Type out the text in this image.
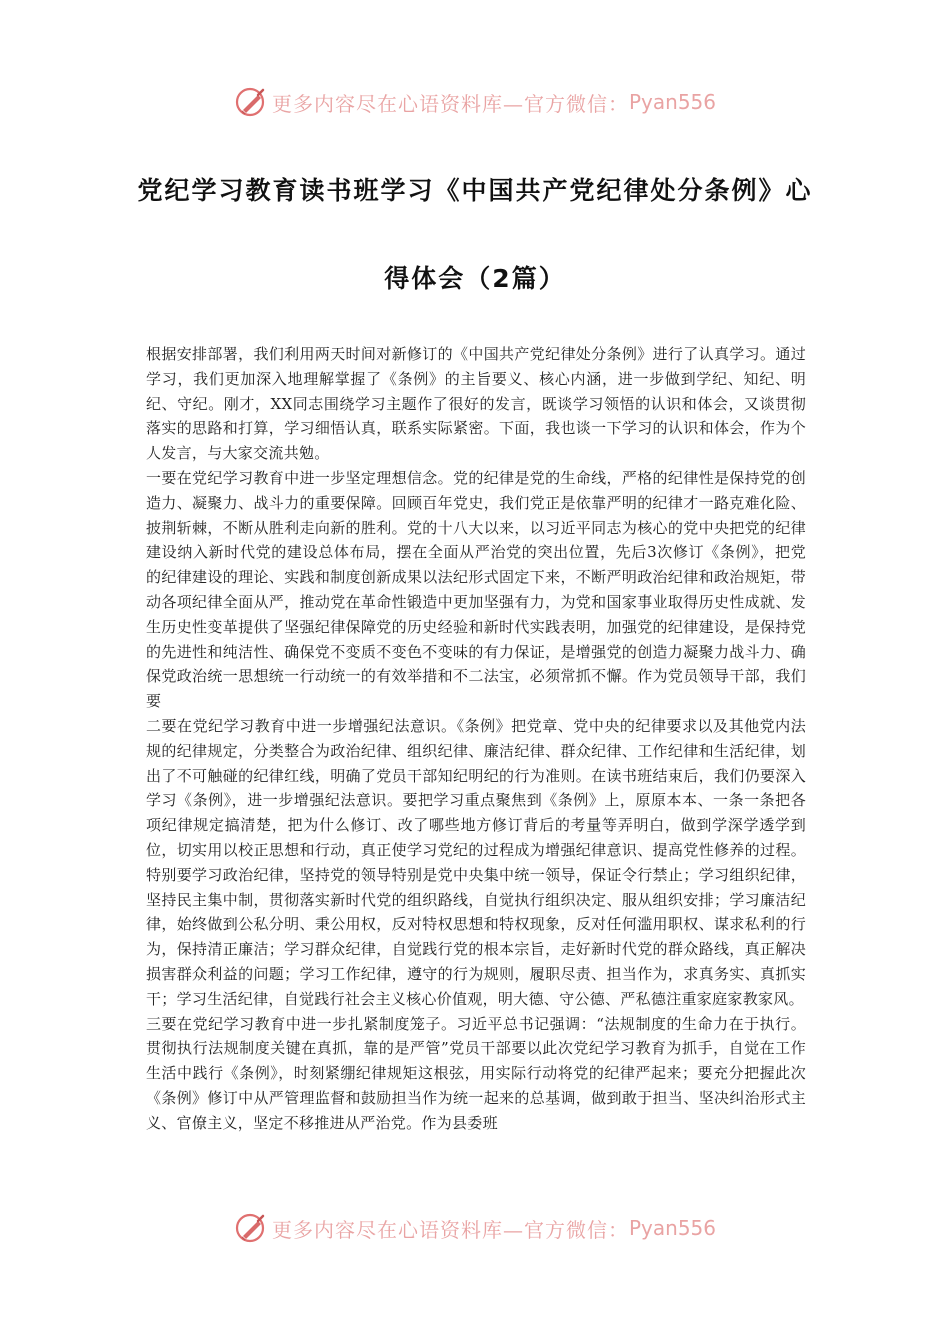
更多内容尽在心语资料库—官方微信： Pyan556
党纪学习教育读书班学习《中国共产党纪律处分条例》心
得体会（2篇）

根据安排部署，我们利用两天时间对新修订的《中国共产党纪律处分条例》进行了认真学习。通过学习，我们更加深入地理解掌握了《条例》的主旨要义、核心内涵，进一步做到学纪、知纪、明纪、守纪。刚才，XX同志围绕学习主题作了很好的发言，既谈学习领悟的认识和体会，又谈贯彻落实的思路和打算，学习细悟认真，联系实际紧密。下面，我也谈一下学习的认识和体会，作为个人发言，与大家交流共勉。

一要在党纪学习教育中进一步坚定理想信念。党的纪律是党的生命线，严格的纪律性是保持党的创造力、凝聚力、战斗力的重要保障。回顾百年党史，我们党正是依靠严明的纪律才一路克难化险、披荆斩棘，不断从胜利走向新的胜利。党的十八大以来，以习近平同志为核心的党中央把党的纪律建设纳入新时代党的建设总体布局，摆在全面从严治党的突出位置，先后3次修订《条例》，把党的纪律建设的理论、实践和制度创新成果以法纪形式固定下来，不断严明政治纪律和政治规矩，带动各项纪律全面从严，推动党在革命性锻造中更加坚强有力，为党和国家事业取得历史性成就、发生历史性变革提供了坚强纪律保障党的历史经验和新时代实践表明，加强党的纪律建设，是保持党的先进性和纯洁性、确保党不变质不变色不变味的有力保证，是增强党的创造力凝聚力战斗力、确保党政治统一思想统一行动统一的有效举措和不二法宝，必须常抓不懈。作为党员领导干部，我们要

二要在党纪学习教育中进一步增强纪法意识。《条例》把党章、党中央的纪律要求以及其他党内法规的纪律规定，分类整合为政治纪律、组织纪律、廉洁纪律、群众纪律、工作纪律和生活纪律，划出了不可触碰的纪律红线，明确了党员干部知纪明纪的行为准则。在读书班结束后，我们仍要深入学习《条例》，进一步增强纪法意识。要把学习重点聚焦到《条例》上，原原本本、一条一条把各项纪律规定搞清楚，把为什么修订、改了哪些地方修订背后的考量等弄明白，做到学深学透学到位，切实用以校正思想和行动，真正使学习党纪的过程成为增强纪律意识、提高党性修养的过程。特别要学习政治纪律，坚持党的领导特别是党中央集中统一领导，保证令行禁止；学习组织纪律，坚持民主集中制，贯彻落实新时代党的组织路线，自觉执行组织决定、服从组织安排；学习廉洁纪律，始终做到公私分明、秉公用权，反对特权思想和特权现象，反对任何滥用职权、谋求私利的行为，保持清正廉洁；学习群众纪律，自觉践行党的根本宗旨，走好新时代党的群众路线，真正解决损害群众利益的问题；学习工作纪律，遵守的行为规则，履职尽责、担当作为，求真务实、真抓实干；学习生活纪律，自觉践行社会主义核心价值观，明大德、守公德、严私德注重家庭家教家风。

三要在党纪学习教育中进一步扎紧制度笼子。习近平总书记强调：“法规制度的生命力在于执行。贯彻执行法规制度关键在真抓，靠的是严管”党员干部要以此次党纪学习教育为抓手，自觉在工作生活中践行《条例》，时刻紧绷纪律规矩这根弦，用实际行动将党的纪律严起来；要充分把握此次《条例》修订中从严管理监督和鼓励担当作为统一起来的总基调，做到敢于担当、坚决纠治形式主义、官僚主义，坚定不移推进从严治党。作为县委班

更多内容尽在心语资料库—官方微信： Pyan556
